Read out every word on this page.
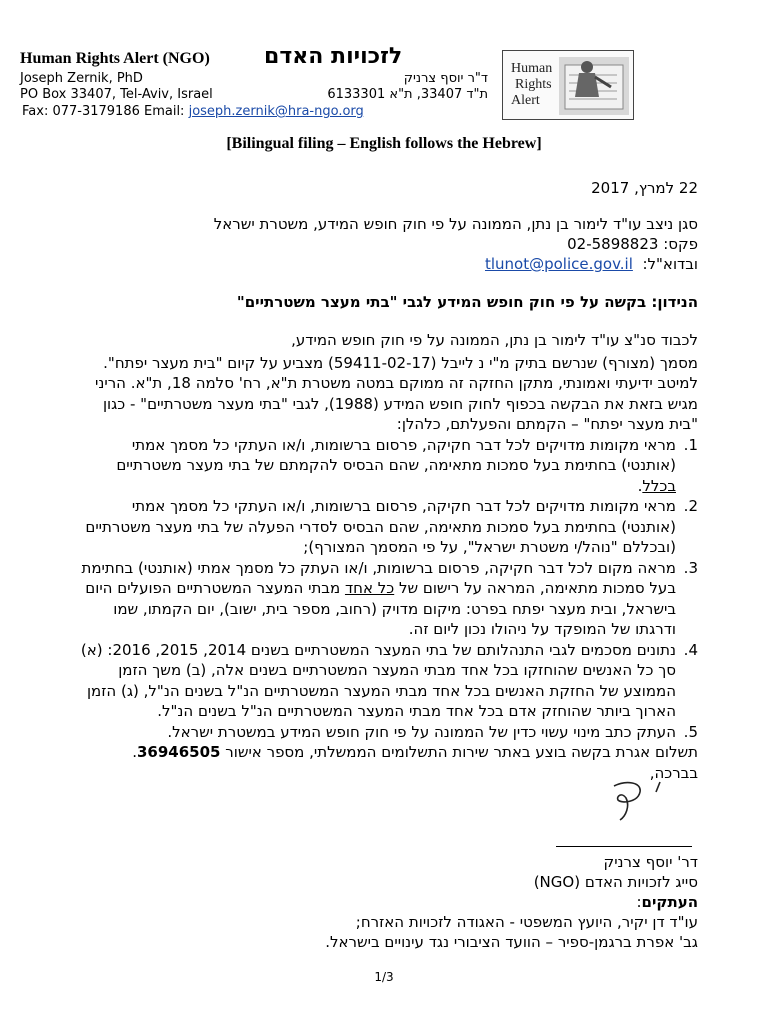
Human Rights Alert (NGO) לזכויות האדם
Joseph Zernik, PhD
PO Box 33407, Tel-Aviv, Israel
Fax: 077-3179186 Email: joseph.zernik@hra-ngo.org
ד"ר יוסף צרניק
ת"ד 33407, ת"א 6133301
Human
Rights
Alert
[Bilingual filing – English follows the Hebrew]
22 למרץ, 2017
סגן ניצב עו"ד לימור בן נתן, הממונה על פי חוק חופש המידע, משטרת ישראל
פקס: 02-5898823
ובדוא"ל:  tlunot@police.gov.il
הנידון: בקשה על פי חוק חופש המידע לגבי "בתי מעצר משטרתיים"
לכבוד סנ"צ עו"ד לימור בן נתן, הממונה על פי חוק חופש המידע,
מסמך (מצורף) שנרשם בתיק מ"י נ לייבל (59411-02-17) מצביע על קיום "בית מעצר יפתח". למיטב ידיעתי ואמונתי, מתקן החזקה זה ממוקם במטה משטרת ת"א, רח' סלמה 18, ת"א. הריני מגיש בזאת את הבקשה בכפוף לחוק חופש המידע (1988), לגבי "בתי מעצר משטרתיים" - כגון "בית מעצר יפתח" – הקמתם והפעלתם, כלהלן:
1.
מראי מקומות מדויקים לכל דבר חקיקה, פרסום ברשומות, ו/או העתקי כל מסמך אמתי (אותנטי) בחתימת בעל סמכות מתאימה, שהם הבסיס להקמתם של בתי מעצר משטרתיים בכלל.
2.
מראי מקומות מדויקים לכל דבר חקיקה, פרסום ברשומות, ו/או העתקי כל מסמך אמתי (אותנטי) בחתימת בעל סמכות מתאימה, שהם הבסיס לסדרי הפעלה של בתי מעצר משטרתיים (ובכללם "נוהל/י משטרת ישראל", על פי המסמך המצורף);
3.
מראה מקום לכל דבר חקיקה, פרסום ברשומות, ו/או העתק כל מסמך אמתי (אותנטי) בחתימת בעל סמכות מתאימה, המראה על רישום של כל אחד מבתי המעצר המשטרתיים הפועלים היום בישראל, ובית מעצר יפתח בפרט: מיקום מדויק (רחוב, מספר בית, ישוב), יום הקמתו, שמו ודרגתו של המופקד על ניהולו נכון ליום זה.
4.
נתונים מסכמים לגבי התנהלותם של בתי המעצר המשטרתיים בשנים 2014, 2015, 2016: (א) סך כל האנשים שהוחזקו בכל אחד מבתי המעצר המשטרתיים בשנים אלה, (ב) משך הזמן הממוצע של החזקת האנשים בכל אחד מבתי המעצר המשטרתיים הנ"ל בשנים הנ"ל, (ג) הזמן הארוך ביותר שהוחזק אדם בכל אחד מבתי המעצר המשטרתיים הנ"ל בשנים הנ"ל.
5.
העתק כתב מינוי עשוי כדין של הממונה על פי חוק חופש המידע במשטרת ישראל.
תשלום אגרת בקשה בוצע באתר שירות התשלומים הממשלתי, מספר אישור 36946505.
בברכה,
דר' יוסף צרניק
סייג לזכויות האדם (NGO)
העתקים:
עו"ד דן יקיר, היועץ המשפטי - האגודה לזכויות האזרח;
גב' אפרת ברגמן-ספיר – הוועד הציבורי נגד עינויים בישראל.
1/3
